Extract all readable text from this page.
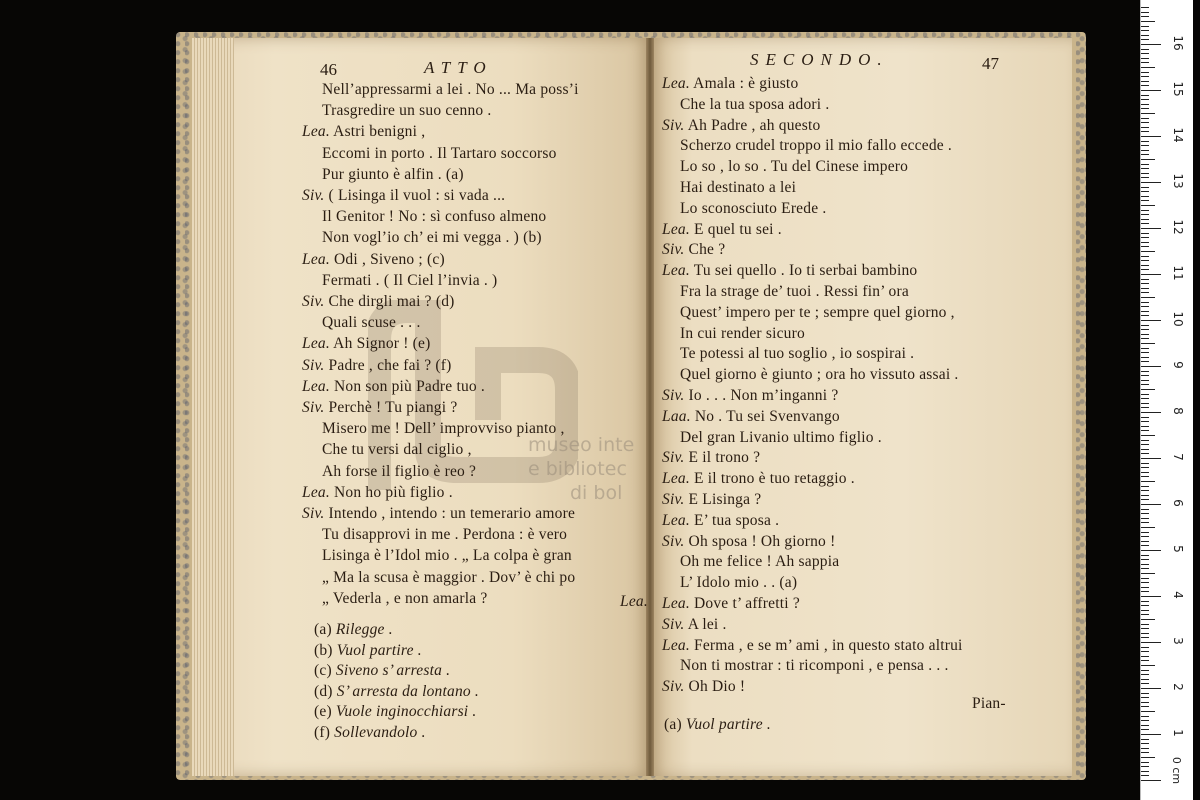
museo inte
e bibliotec
di bol
46	ATTO
Nell’appressarmi a lei . No ... Ma poss’i
Trasgredire un suo cenno .
Lea. Astri benigni ,
Eccomi in porto . Il Tartaro soccorso
Pur giunto è alfin . (a)
Siv. ( Lisinga il vuol : si vada ...
Il Genitor ! No : sì confuso almeno
Non vogl’io ch’ ei mi vegga . ) (b)
Lea. Odi , Siveno ; (c)
Fermati . ( Il Ciel l’invia . )
Siv. Che dirgli mai ? (d)
Quali scuse . . .
Lea. Ah Signor ! (e)
Siv. Padre , che fai ? (f)
Lea. Non son più Padre tuo .
Siv. Perchè ! Tu piangi ?
Misero me ! Dell’ improvviso pianto ,
Che tu versi dal ciglio ,
Ah forse il figlio è reo ?
Lea. Non ho più figlio .
Siv. Intendo , intendo : un temerario amore
Tu disapprovi in me . Perdona : è vero
Lisinga è l’Idol mio . „ La colpa è gran
„ Ma la scusa è maggior . Dov’ è chi po
„ Vederla , e non amarla ?	Lea.
(a) Rilegge .
(b) Vuol partire .
(c) Siveno s’ arresta .
(d) S’ arresta da lontano .
(e) Vuole inginocchiarsi .
(f) Sollevandolo .
SECONDO.	47
Lea. Amala : è giusto
Che la tua sposa adori .
Siv. Ah Padre , ah questo
Scherzo crudel troppo il mio fallo eccede .
Lo so , lo so . Tu del Cinese impero
Hai destinato a lei
Lo sconosciuto Erede .
Lea. E quel tu sei .
Siv. Che ?
Lea. Tu sei quello . Io ti serbai bambino
Fra la strage de’ tuoi . Ressi fin’ ora
Quest’ impero per te ; sempre quel giorno ,
In cui render sicuro
Te potessi al tuo soglio , io sospirai .
Quel giorno è giunto ; ora ho vissuto assai .
Siv. Io . . . Non m’inganni ?
Laa. No . Tu sei Svenvango
Del gran Livanio ultimo figlio .
Siv. E il trono ?
Lea. E il trono è tuo retaggio .
Siv. E Lisinga ?
Lea. E’ tua sposa .
Siv. Oh sposa ! Oh giorno !
Oh me felice ! Ah sappia
L’ Idolo mio . . (a)
Lea. Dove t’ affretti ?
Siv. A lei .
Lea. Ferma , e se m’ ami , in questo stato altrui
Non ti mostrar : ti ricomponi , e pensa . . .
Siv. Oh Dio !
Pian-
(a) Vuol partire .
0 cm
1
2
3
4
5
6
7
8
9
10
11
12
13
14
15
16
